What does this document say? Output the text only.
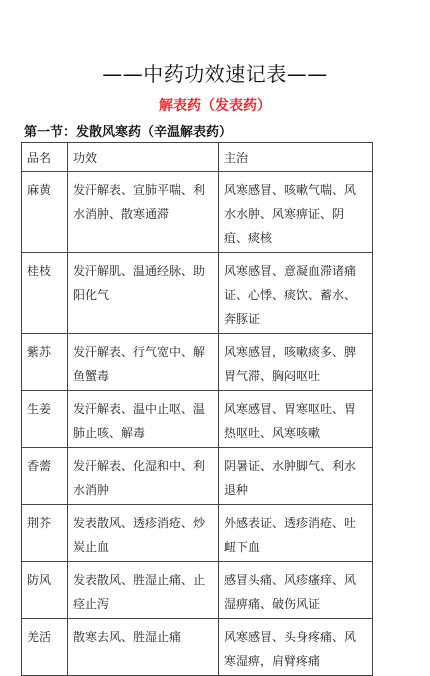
——中药功效速记表——
解表药（发表药）
第一节：发散风寒药（辛温解表药）
品名	功效	主治
麻黄	发汗解表、宣肺平喘、利水消肿、散寒通滞	风寒感冒、咳嗽气喘、风水水肿、风寒痹证、阴疽、痰核
桂枝	发汗解肌、温通经脉、助阳化气	风寒感冒、意凝血滞诸痛证、心悸、痰饮、蓄水、奔豚证
紫苏	发汗解表、行气宽中、解鱼蟹毒	风寒感冒，咳嗽痰多、脾胃气滞、胸闷呕吐
生姜	发汗解表、温中止呕、温肺止咳、解毒	风寒感冒、胃寒呕吐、胃热呕吐、风寒咳嗽
香薷	发汗解表、化湿和中、利水消肿	阴暑证、水肿脚气、利水退种
荆芥	发表散风、透疹消疮、炒炭止血	外感表证、透疹消疮、吐衄下血
防风	发表散风、胜湿止痛、止痉止泻	感冒头痛、风疹瘙痒、风湿痹痛、破伤风证
羌活	散寒去风、胜湿止痛	风寒感冒、头身疼痛、风寒湿痹，肩臂疼痛
